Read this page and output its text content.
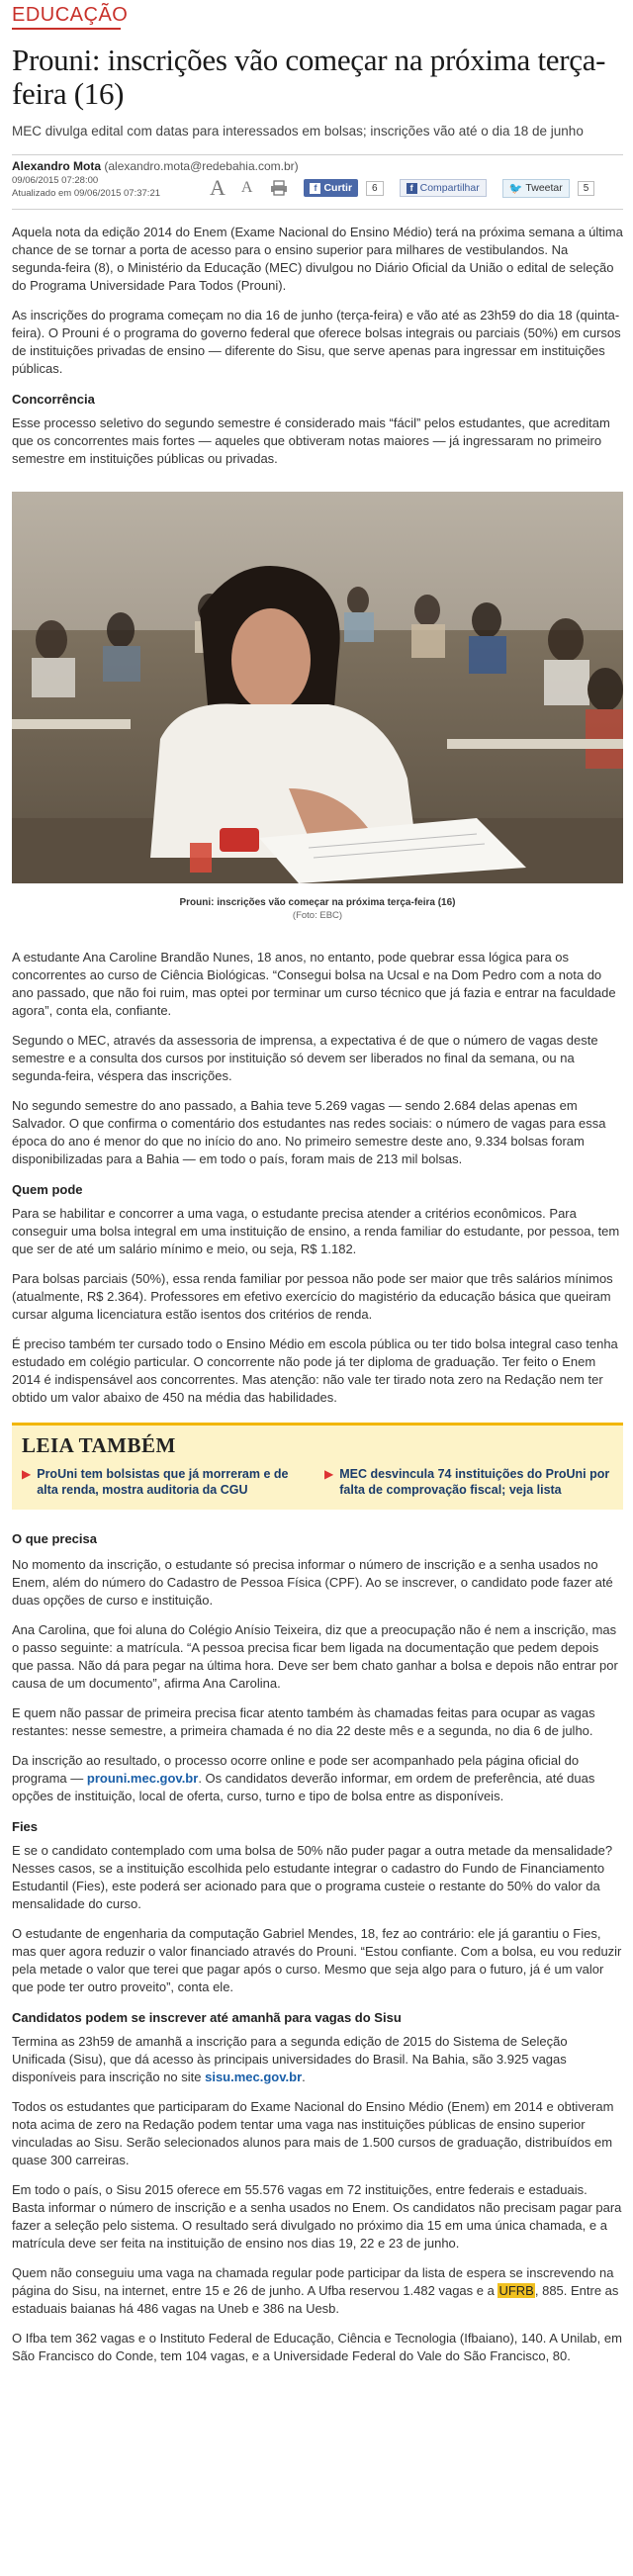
EDUCAÇÃO
Prouni: inscrições vão começar na próxima terça-feira (16)
MEC divulga edital com datas para interessados em bolsas; inscrições vão até o dia 18 de junho
Alexandro Mota (alexandro.mota@redebahia.com.br)
09/06/2015 07:28:00
Atualizado em 09/06/2015 07:37:21	A A	f Curtir	6	f Compartilhar	🐦 Tweetar	5

Aquela nota da edição 2014 do Enem (Exame Nacional do Ensino Médio) terá na próxima semana a última chance de se tornar a porta de acesso para o ensino superior para milhares de vestibulandos. Na segunda-feira (8), o Ministério da Educação (MEC) divulgou no Diário Oficial da União o edital de seleção do Programa Universidade Para Todos (Prouni).

As inscrições do programa começam no dia 16 de junho (terça-feira) e vão até as 23h59 do dia 18 (quinta-feira). O Prouni é o programa do governo federal que oferece bolsas integrais ou parciais (50%) em cursos de instituições privadas de ensino — diferente do Sisu, que serve apenas para ingressar em instituições públicas.

Concorrência

Esse processo seletivo do segundo semestre é considerado mais “fácil” pelos estudantes, que acreditam que os concorrentes mais fortes — aqueles que obtiveram notas maiores — já ingressaram no primeiro semestre em instituições públicas ou privadas.

Prouni: inscrições vão começar na próxima terça-feira (16)
(Foto: EBC)

A estudante Ana Caroline Brandão Nunes, 18 anos, no entanto, pode quebrar essa lógica para os concorrentes ao curso de Ciência Biológicas. “Consegui bolsa na Ucsal e na Dom Pedro com a nota do ano passado, que não foi ruim, mas optei por terminar um curso técnico que já fazia e entrar na faculdade agora”, conta ela, confiante.

Segundo o MEC, através da assessoria de imprensa, a expectativa é de que o número de vagas deste semestre e a consulta dos cursos por instituição só devem ser liberados no final da semana, ou na segunda-feira, véspera das inscrições.

No segundo semestre do ano passado, a Bahia teve 5.269 vagas — sendo 2.684 delas apenas em Salvador. O que confirma o comentário dos estudantes nas redes sociais: o número de vagas para essa época do ano é menor do que no início do ano. No primeiro semestre deste ano, 9.334 bolsas foram disponibilizadas para a Bahia — em todo o país, foram mais de 213 mil bolsas.

Quem pode

Para se habilitar e concorrer a uma vaga, o estudante precisa atender a critérios econômicos. Para conseguir uma bolsa integral em uma instituição de ensino, a renda familiar do estudante, por pessoa, tem que ser de até um salário mínimo e meio, ou seja, R$ 1.182.

Para bolsas parciais (50%), essa renda familiar por pessoa não pode ser maior que três salários mínimos (atualmente, R$ 2.364). Professores em efetivo exercício do magistério da educação básica que queiram cursar alguma licenciatura estão isentos dos critérios de renda.

É preciso também ter cursado todo o Ensino Médio em escola pública ou ter tido bolsa integral caso tenha estudado em colégio particular. O concorrente não pode já ter diploma de graduação. Ter feito o Enem 2014 é indispensável aos concorrentes. Mas atenção: não vale ter tirado nota zero na Redação nem ter obtido um valor abaixo de 450 na média das habilidades.

LEIA TAMBÉM
▶ ProUni tem bolsistas que já morreram e de alta renda, mostra auditoria da CGU
▶ MEC desvincula 74 instituições do ProUni por falta de comprovação fiscal; veja lista
O que precisa

No momento da inscrição, o estudante só precisa informar o número de inscrição e a senha usados no Enem, além do número do Cadastro de Pessoa Física (CPF). Ao se inscrever, o candidato pode fazer até duas opções de curso e instituição.

Ana Carolina, que foi aluna do Colégio Anísio Teixeira, diz que a preocupação não é nem a inscrição, mas o passo seguinte: a matrícula. “A pessoa precisa ficar bem ligada na documentação que pedem depois que passa. Não dá para pegar na última hora. Deve ser bem chato ganhar a bolsa e depois não entrar por causa de um documento”, afirma Ana Carolina.

E quem não passar de primeira precisa ficar atento também às chamadas feitas para ocupar as vagas restantes: nesse semestre, a primeira chamada é no dia 22 deste mês e a segunda, no dia 6 de julho.

Da inscrição ao resultado, o processo ocorre online e pode ser acompanhado pela página oficial do programa — prouni.mec.gov.br. Os candidatos deverão informar, em ordem de preferência, até duas opções de instituição, local de oferta, curso, turno e tipo de bolsa entre as disponíveis.

Fies

E se o candidato contemplado com uma bolsa de 50% não puder pagar a outra metade da mensalidade? Nesses casos, se a instituição escolhida pelo estudante integrar o cadastro do Fundo de Financiamento Estudantil (Fies), este poderá ser acionado para que o programa custeie o restante do 50% do valor da mensalidade do curso.

O estudante de engenharia da computação Gabriel Mendes, 18, fez ao contrário: ele já garantiu o Fies, mas quer agora reduzir o valor financiado através do Prouni. “Estou confiante. Com a bolsa, eu vou reduzir pela metade o valor que terei que pagar após o curso. Mesmo que seja algo para o futuro, já é um valor que pode ter outro proveito”, conta ele.

Candidatos podem se inscrever até amanhã para vagas do Sisu

Termina as 23h59 de amanhã a inscrição para a segunda edição de 2015 do Sistema de Seleção Unificada (Sisu), que dá acesso às principais universidades do Brasil. Na Bahia, são 3.925 vagas disponíveis para inscrição no site sisu.mec.gov.br.

Todos os estudantes que participaram do Exame Nacional do Ensino Médio (Enem) em 2014 e obtiveram nota acima de zero na Redação podem tentar uma vaga nas instituições públicas de ensino superior vinculadas ao Sisu. Serão selecionados alunos para mais de 1.500 cursos de graduação, distribuídos em quase 300 carreiras.

Em todo o país, o Sisu 2015 oferece em 55.576 vagas em 72 instituições, entre federais e estaduais. Basta informar o número de inscrição e a senha usados no Enem. Os candidatos não precisam pagar para fazer a seleção pelo sistema. O resultado será divulgado no próximo dia 15 em uma única chamada, e a matrícula deve ser feita na instituição de ensino nos dias 19, 22 e 23 de junho.

Quem não conseguiu uma vaga na chamada regular pode participar da lista de espera se inscrevendo na página do Sisu, na internet, entre 15 e 26 de junho. A Ufba reservou 1.482 vagas e a UFRB, 885. Entre as estaduais baianas há 486 vagas na Uneb e 386 na Uesb.

O Ifba tem 362 vagas e o Instituto Federal de Educação, Ciência e Tecnologia (Ifbaiano), 140. A Unilab, em São Francisco do Conde, tem 104 vagas, e a Universidade Federal do Vale do São Francisco, 80.
